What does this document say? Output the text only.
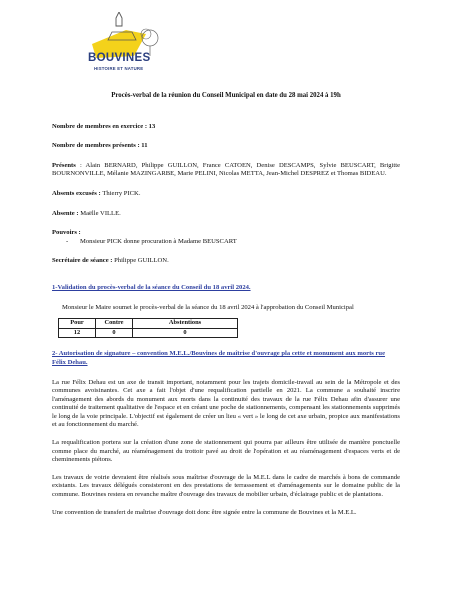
BOUVINES
HISTOIRE ET NATURE

Procès-verbal de la réunion du Conseil Municipal en date du 28 mai 2024 à 19h

Nombre de membres en exercice : 13

Nombre de membres présents : 11

Présents : Alain BERNARD, Philippe GUILLON, France CATOEN, Denise DESCAMPS, Sylvie BEUSCART, Brigitte BOURNONVILLE, Mélanie MAZINGARBE, Marie PELINI, Nicolas METTA, Jean-Michel DESPREZ et Thomas BIDEAU.

Absents excusés : Thierry PICK.

Absente : Maëlle VILLE.

Pouvoirs :

- Monsieur PICK donne procuration à Madame BEUSCART

Secrétaire de séance : Philippe GUILLON.

1-Validation du procès-verbal de la séance du Conseil du 18 avril 2024.

Monsieur le Maire soumet le procès-verbal de la séance du 18 avril 2024 à l'approbation du Conseil Municipal

Pour	Contre	Abstentions
12	0	0

2- Autorisation de signature – convention M.E.L./Bouvines de maîtrise d'ouvrage pla cette et monument aux morts rue Félix Dehau.

La rue Félix Dehau est un axe de transit important, notamment pour les trajets domicile-travail au sein de la Métropole et des communes avoisinantes. Cet axe a fait l'objet d'une requalification partielle en 2021. La commune a souhaité inscrire l'aménagement des abords du monument aux morts dans la continuité des travaux de la rue Félix Dehau afin d'assurer une continuité de traitement qualitative de l'espace et en créant une poche de stationnements, compensant les stationnements supprimés le long de la voie principale. L'objectif est également de créer un lieu « vert » le long de cet axe urbain, propice aux manifestations et au fonctionnement du marché.

La requalification portera sur la création d'une zone de stationnement qui pourra par ailleurs être utilisée de manière ponctuelle comme place du marché, au réaménagement du trottoir pavé au droit de l'opération et au réaménagement d'espaces verts et de cheminements piétons.

Les travaux de voirie devraient être réalisés sous maîtrise d'ouvrage de la M.E.L dans le cadre de marchés à bons de commande existants. Les travaux délégués consisteront en des prestations de terrassement et d'aménagements sur le domaine public de la commune. Bouvines restera en revanche maître d'ouvrage des travaux de mobilier urbain, d'éclairage public et de plantations.

Une convention de transfert de maîtrise d'ouvrage doit donc être signée entre la commune de Bouvines et la M.E.L.
